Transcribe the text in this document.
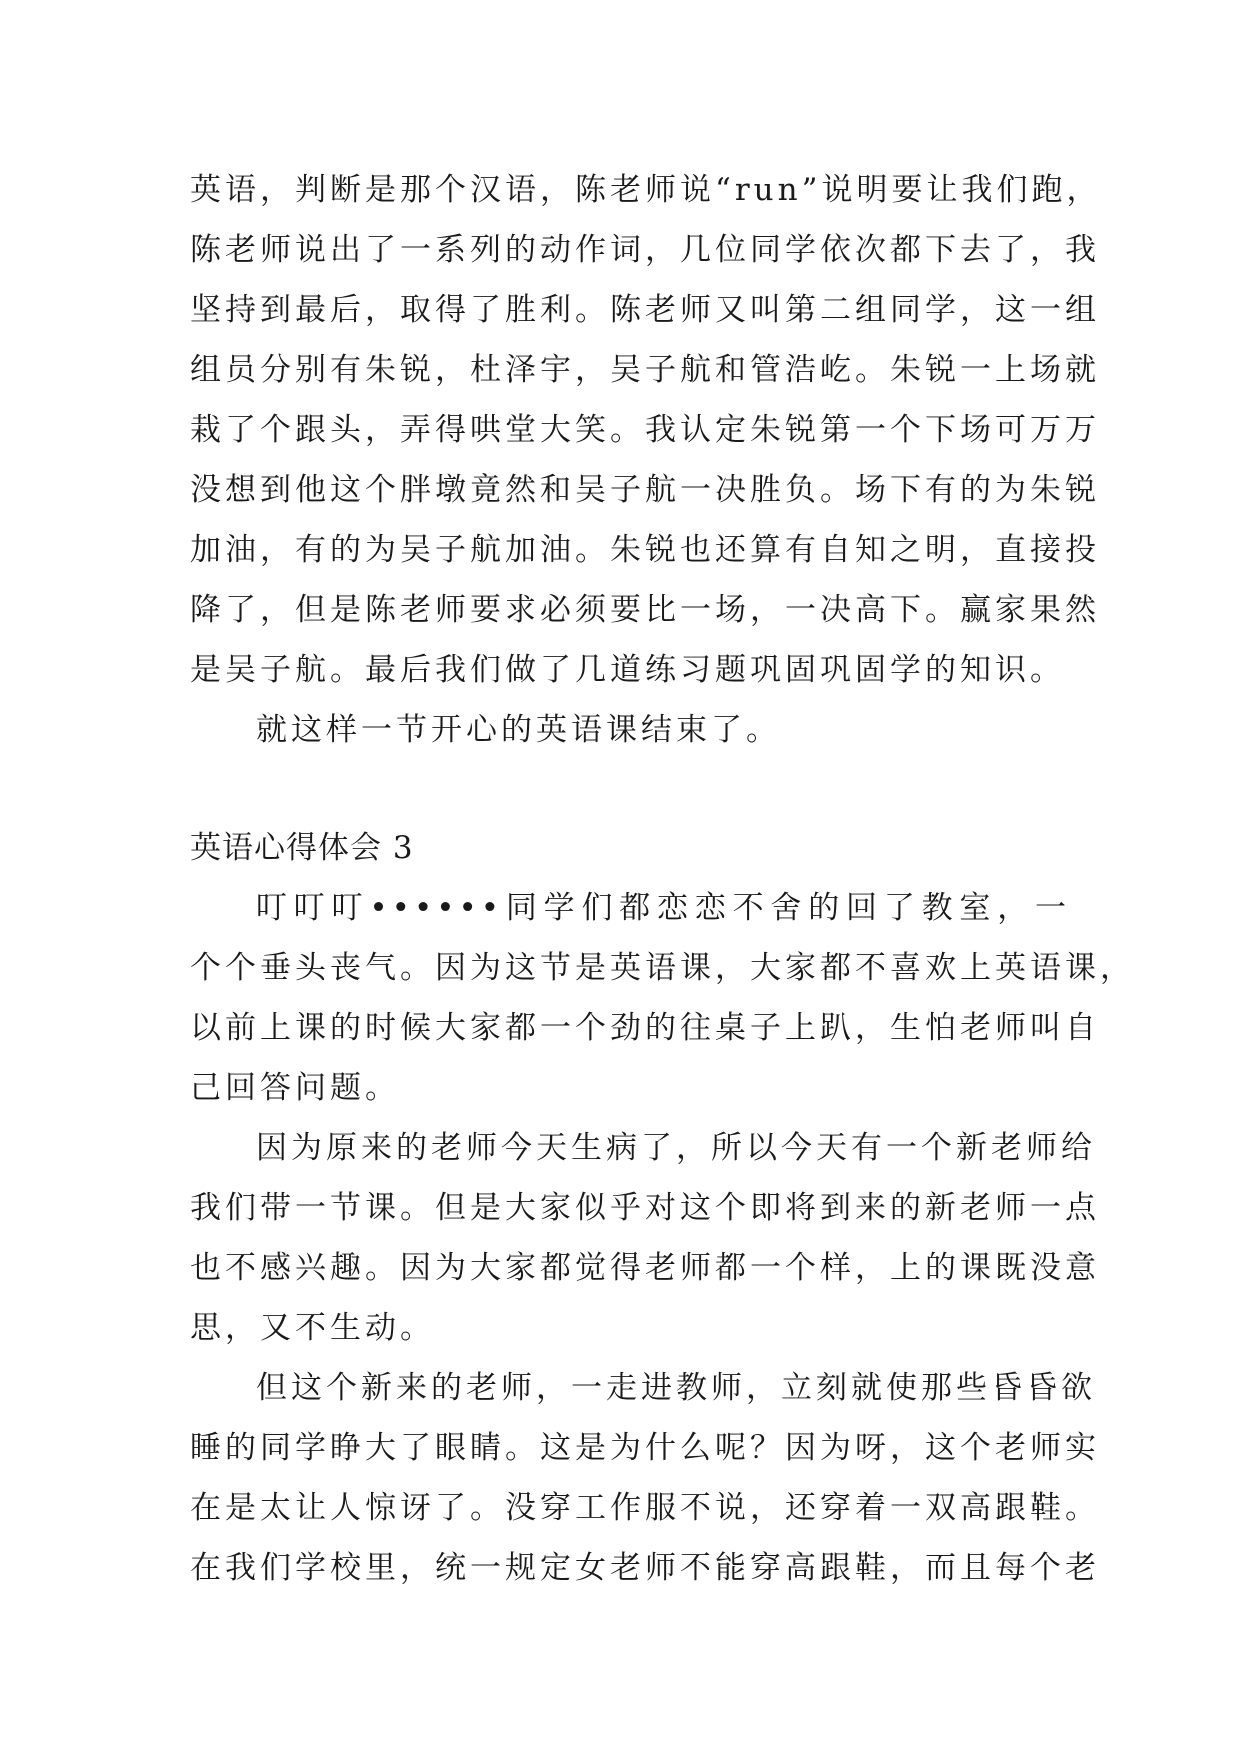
英语，判断是那个汉语，陈老师说“run”说明要让我们跑，
陈老师说出了一系列的动作词，几位同学依次都下去了，我
坚持到最后，取得了胜利。陈老师又叫第二组同学，这一组
组员分别有朱锐，杜泽宇，吴子航和管浩屹。朱锐一上场就
栽了个跟头，弄得哄堂大笑。我认定朱锐第一个下场可万万
没想到他这个胖墩竟然和吴子航一决胜负。场下有的为朱锐
加油，有的为吴子航加油。朱锐也还算有自知之明，直接投
降了，但是陈老师要求必须要比一场，一决高下。赢家果然
是吴子航。最后我们做了几道练习题巩固巩固学的知识。
就这样一节开心的英语课结束了。
英语心得体会 3
叮叮叮••••••同学们都恋恋不舍的回了教室，一
个个垂头丧气。因为这节是英语课，大家都不喜欢上英语课，
以前上课的时候大家都一个劲的往桌子上趴，生怕老师叫自
己回答问题。
因为原来的老师今天生病了，所以今天有一个新老师给
我们带一节课。但是大家似乎对这个即将到来的新老师一点
也不感兴趣。因为大家都觉得老师都一个样，上的课既没意
思，又不生动。
但这个新来的老师，一走进教师，立刻就使那些昏昏欲
睡的同学睁大了眼睛。这是为什么呢？因为呀，这个老师实
在是太让人惊讶了。没穿工作服不说，还穿着一双高跟鞋。
在我们学校里，统一规定女老师不能穿高跟鞋，而且每个老
